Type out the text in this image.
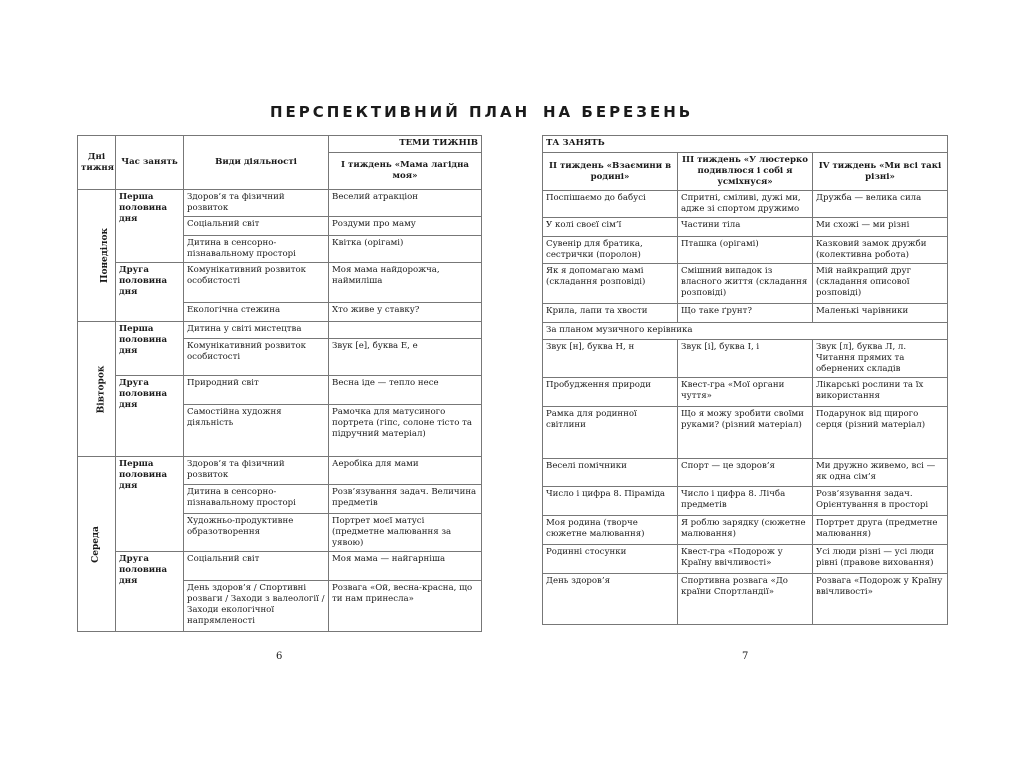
ПЕРСПЕКТИВНИЙ ПЛАН НА БЕРЕЗЕНЬ
Дні тижня	Час занять	Види діяльності	ТЕМИ ТИЖНІВ
			І тиждень «Мама лагідна моя»
Понеділок	Перша половина дня	Здоров’я та фізичний розвиток	Веселий атракціон
		Соціальний світ	Роздуми про маму
		Дитина в сенсорно-пізнавальному просторі	Квітка (орігамі)
	Друга половина дня	Комунікативний розвиток особистості	Моя мама найдорожча, наймиліша
		Екологічна стежина	Хто живе у ставку?
Вівторок	Перша половина дня	Дитина у світі мистецтва	
		Комунікативний розвиток особистості	Звук [е], буква Е, е
	Друга половина дня	Природний світ	Весна іде — тепло несе
		Самостійна художня діяльність	Рамочка для матусиного портрета (гіпс, солоне тісто та підручний матеріал)
Середа	Перша половина дня	Здоров’я та фізичний розвиток	Аеробіка для мами
		Дитина в сенсорно-пізнавальному просторі	Розв’язування задач. Величина предметів
		Художньо-продуктивне образотворення	Портрет моєї матусі (предметне малювання за уявою)
	Друга половина дня	Соціальний світ	Моя мама — найгарніша
		День здоров’я / Спортивні розваги / Заходи з валеології / Заходи екологічної напрямленості	Розвага «Ой, весна-красна, що ти нам принесла»
ТА ЗАНЯТЬ		
ІІ тиждень «Взаємини в родині»	ІІІ тиждень «У люстерко подивлюся і собі я усміхнуся»	ІV тиждень «Ми всі такі різні»
Поспішаємо до бабусі	Спритні, сміливі, дужі ми, адже зі спортом дружимо	Дружба — велика сила
У колі своєї сім’ї	Частини тіла	Ми схожі — ми різні
Сувенір для братика, сестрички (поролон)	Пташка (орігамі)	Казковий замок дружби (колективна робота)
Як я допомагаю мамі (складання розповіді)	Смішний випадок із власного життя (складання розповіді)	Мій найкращий друг (складання описової розповіді)
Крила, лапи та хвости	Що таке ґрунт?	Маленькі чарівники
За планом музичного керівника		
Звук [н], буква Н, н	Звук [і], буква І, і	Звук [л], буква Л, л. Читання прямих та обернених складів
Пробудження природи	Квест-гра «Мої органи чуття»	Лікарські рослини та їх використання
Рамка для родинної світлини	Що я можу зробити своїми руками? (різний матеріал)	Подарунок від щирого серця (різний матеріал)
Веселі помічники	Спорт — це здоров’я	Ми дружно живемо, всі — як одна сім’я
Число і цифра 8. Піраміда	Число і цифра 8. Лічба предметів	Розв’язування задач. Орієнтування в просторі
Моя родина (творче сюжетне малювання)	Я роблю зарядку (сюжетне малювання)	Портрет друга (предметне малювання)
Родинні стосунки	Квест-гра «Подорож у Країну ввічливості»	Усі люди різні — усі люди рівні (правове виховання)
День здоров’я	Спортивна розвага «До країни Спортландії»	Розвага «Подорож у Країну ввічливості»
6	7
